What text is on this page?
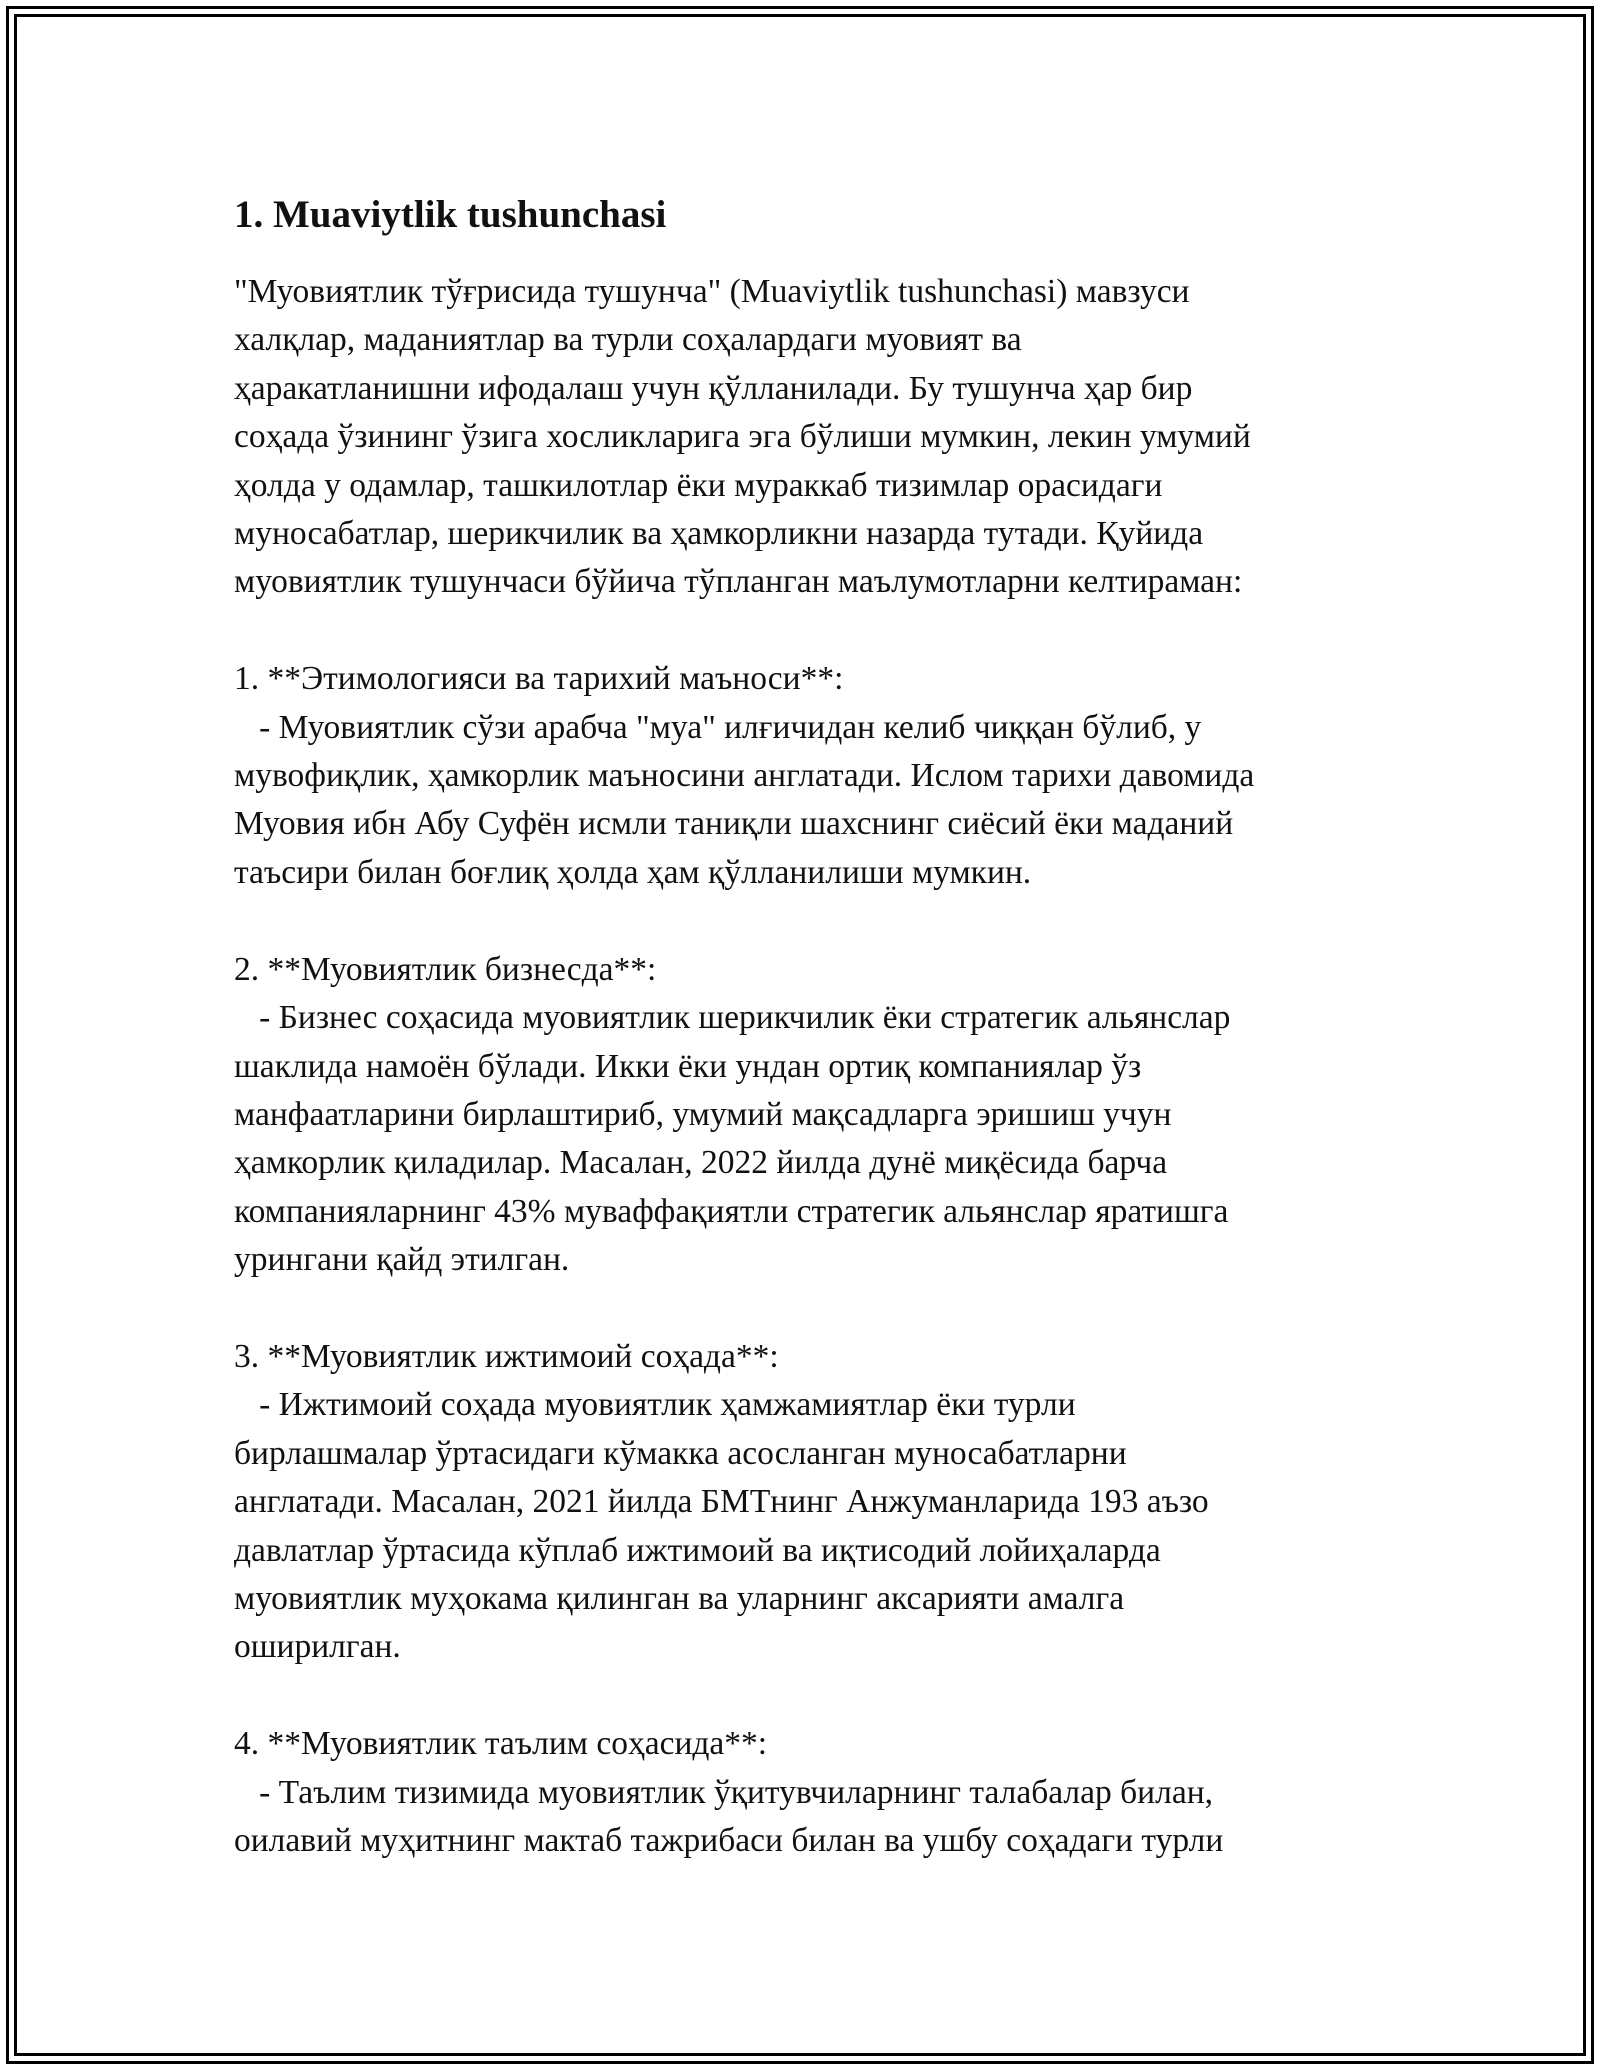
1. Muaviytlik tushunchasi

"Муовиятлик тўғрисида тушунча" (Muaviytlik tushunchasi) мавзуси
халқлар, маданиятлар ва турли соҳалардаги муовият ва
ҳаракатланишни ифодалаш учун қўлланилади. Бу тушунча ҳар бир
соҳада ўзининг ўзига хосликларига эга бўлиши мумкин, лекин умумий
ҳолда у одамлар, ташкилотлар ёки мураккаб тизимлар орасидаги
муносабатлар, шерикчилик ва ҳамкорликни назарда тутади. Қуйида
муовиятлик тушунчаси бўйича тўпланган маълумотларни келтираман:

1. **Этимологияси ва тарихий маъноси**:
- Муовиятлик сўзи арабча "муа" илғичидан келиб чиққан бўлиб, у
мувофиқлик, ҳамкорлик маъносини англатади. Ислом тарихи давомида
Муовия ибн Абу Суфён исмли таниқли шахснинг сиёсий ёки маданий
таъсири билан боғлиқ ҳолда ҳам қўлланилиши мумкин.

2. **Муовиятлик бизнесда**:
- Бизнес соҳасида муовиятлик шерикчилик ёки стратегик альянслар
шаклида намоён бўлади. Икки ёки ундан ортиқ компаниялар ўз
манфаатларини бирлаштириб, умумий мақсадларга эришиш учун
ҳамкорлик қиладилар. Масалан, 2022 йилда дунё миқёсида барча
компанияларнинг 43% муваффақиятли стратегик альянслар яратишга
урингани қайд этилган.

3. **Муовиятлик ижтимоий соҳада**:
- Ижтимоий соҳада муовиятлик ҳамжамиятлар ёки турли
бирлашмалар ўртасидаги кўмакка асосланган муносабатларни
англатади. Масалан, 2021 йилда БМТнинг Анжуманларида 193 аъзо
давлатлар ўртасида кўплаб ижтимоий ва иқтисодий лойиҳаларда
муовиятлик муҳокама қилинган ва уларнинг аксарияти амалга
оширилган.

4. **Муовиятлик таълим соҳасида**:
- Таълим тизимида муовиятлик ўқитувчиларнинг талабалар билан,
оилавий муҳитнинг мактаб тажрибаси билан ва ушбу соҳадаги турли
